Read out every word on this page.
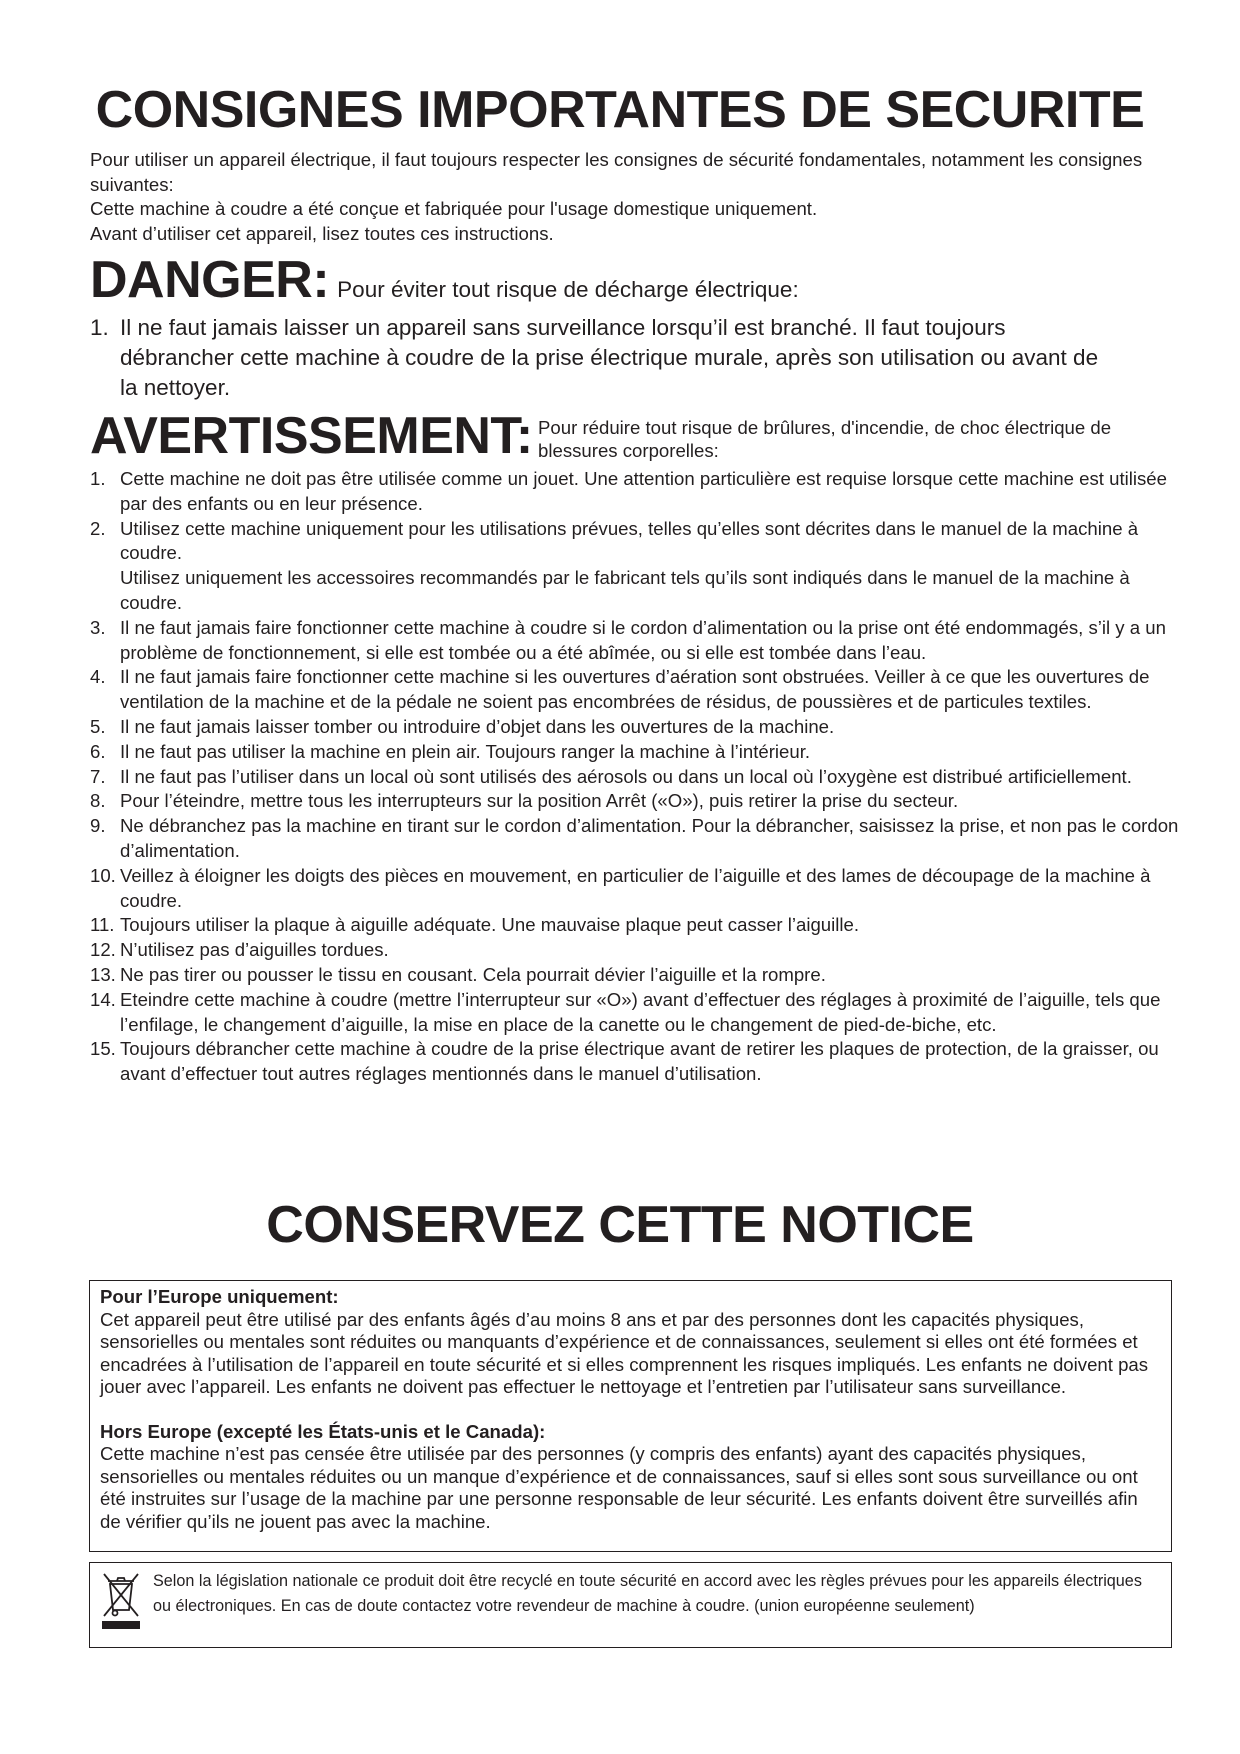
CONSIGNES IMPORTANTES DE SECURITE

Pour utiliser un appareil électrique, il faut toujours respecter les consignes de sécurité fondamentales, notamment les consignes suivantes:

Cette machine à coudre a été conçue et fabriquée pour l'usage domestique uniquement.

Avant d’utiliser cet appareil, lisez toutes ces instructions.

DANGER: Pour éviter tout risque de décharge électrique:
1. Il ne faut jamais laisser un appareil sans surveillance lorsqu’il est branché. Il faut toujours débrancher cette machine à coudre de la prise électrique murale, après son utilisation ou avant de la nettoyer.
AVERTISSEMENT: Pour réduire tout risque de brûlures, d'incendie, de choc électrique de blessures corporelles:
1. Cette machine ne doit pas être utilisée comme un jouet. Une attention particulière est requise lorsque cette machine est utilisée par des enfants ou en leur présence.
2. Utilisez cette machine uniquement pour les utilisations prévues, telles qu’elles sont décrites dans le manuel de la machine à coudre.
Utilisez uniquement les accessoires recommandés par le fabricant tels qu’ils sont indiqués dans le manuel de la machine à coudre.
3. Il ne faut jamais faire fonctionner cette machine à coudre si le cordon d’alimentation ou la prise ont été endommagés, s’il y a un problème de fonctionnement, si elle est tombée ou a été abîmée, ou si elle est tombée dans l’eau.
4. Il ne faut jamais faire fonctionner cette machine si les ouvertures d’aération sont obstruées. Veiller à ce que les ouvertures de ventilation de la machine et de la pédale ne soient pas encombrées de résidus, de poussières et de particules textiles.
5. Il ne faut jamais laisser tomber ou introduire d’objet dans les ouvertures de la machine.
6. Il ne faut pas utiliser la machine en plein air. Toujours ranger la machine à l’intérieur.
7. Il ne faut pas l’utiliser dans un local où sont utilisés des aérosols ou dans un local où l’oxygène est distribué artificiellement.
8. Pour l’éteindre, mettre tous les interrupteurs sur la position Arrêt («O»), puis retirer la prise du secteur.
9. Ne débranchez pas la machine en tirant sur le cordon d’alimentation. Pour la débrancher, saisissez la prise, et non pas le cordon d’alimentation.
10. Veillez à éloigner les doigts des pièces en mouvement, en particulier de l’aiguille et des lames de découpage de la machine à coudre.
11. Toujours utiliser la plaque à aiguille adéquate. Une mauvaise plaque peut casser l’aiguille.
12. N’utilisez pas d’aiguilles tordues.
13. Ne pas tirer ou pousser le tissu en cousant. Cela pourrait dévier l’aiguille et la rompre.
14. Eteindre cette machine à coudre (mettre l’interrupteur sur «O») avant d’effectuer des réglages à proximité de l’aiguille, tels que l’enfilage, le changement d’aiguille, la mise en place de la canette ou le changement de pied-de-biche, etc.
15. Toujours débrancher cette machine à coudre de la prise électrique avant de retirer les plaques de protection, de la graisser, ou avant d’effectuer tout autres réglages mentionnés dans le manuel d’utilisation.
CONSERVEZ CETTE NOTICE

Pour l’Europe uniquement:

Cet appareil peut être utilisé par des enfants âgés d’au moins 8 ans et par des personnes dont les capacités physiques, sensorielles ou mentales sont réduites ou manquants d’expérience et de connaissances, seulement si elles ont été formées et encadrées à l’utilisation de l’appareil en toute sécurité et si elles comprennent les risques impliqués. Les enfants ne doivent pas jouer avec l’appareil. Les enfants ne doivent pas effectuer le nettoyage et l’entretien par l’utilisateur sans surveillance.

Hors Europe (excepté les États-unis et le Canada):

Cette machine n’est pas censée être utilisée par des personnes (y compris des enfants) ayant des capacités physiques, sensorielles ou mentales réduites ou un manque d’expérience et de connaissances, sauf si elles sont sous surveillance ou ont été instruites sur l’usage de la machine par une personne responsable de leur sécurité. Les enfants doivent être surveillés afin de vérifier qu’ils ne jouent pas avec la machine.

Selon la législation nationale ce produit doit être recyclé en toute sécurité en accord avec les règles prévues pour les appareils électriques ou électroniques. En cas de doute contactez votre revendeur de machine à coudre. (union européenne seulement)
